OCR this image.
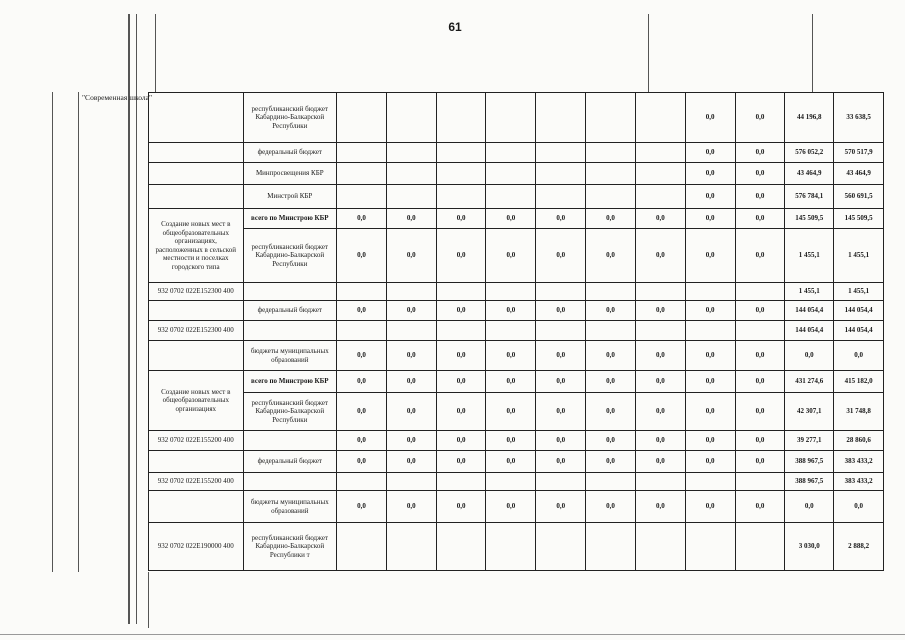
61
"Современная школа"
	республиканский бюджет Кабардино-Балкарской Республики								0,0	0,0	44 196,8	33 638,5
	федеральный бюджет								0,0	0,0	576 052,2	570 517,9
	Минпросвещения КБР								0,0	0,0	43 464,9	43 464,9
	Минстрой КБР								0,0	0,0	576 784,1	560 691,5
Создание новых мест в общеобразовательных организациях, расположенных в сельской местности и поселках городского типа	всего по Минстрою КБР	0,0	0,0	0,0	0,0	0,0	0,0	0,0	0,0	0,0	145 509,5	145 509,5
	республиканский бюджет Кабардино-Балкарской Республики	0,0	0,0	0,0	0,0	0,0	0,0	0,0	0,0	0,0	1 455,1	1 455,1
932 0702 022E152300 400											1 455,1	1 455,1
	федеральный бюджет	0,0	0,0	0,0	0,0	0,0	0,0	0,0	0,0	0,0	144 054,4	144 054,4
932 0702 022E152300 400											144 054,4	144 054,4
	бюджеты муниципальных образований	0,0	0,0	0,0	0,0	0,0	0,0	0,0	0,0	0,0	0,0	0,0
Создание новых мест в общеобразовательных организациях	всего по Минстрою КБР	0,0	0,0	0,0	0,0	0,0	0,0	0,0	0,0	0,0	431 274,6	415 182,0
	республиканский бюджет Кабардино-Балкарской Республики	0,0	0,0	0,0	0,0	0,0	0,0	0,0	0,0	0,0	42 307,1	31 748,8
932 0702 022E155200 400		0,0	0,0	0,0	0,0	0,0	0,0	0,0	0,0	0,0	39 277,1	28 860,6
	федеральный бюджет	0,0	0,0	0,0	0,0	0,0	0,0	0,0	0,0	0,0	388 967,5	383 433,2
932 0702 022E155200 400											388 967,5	383 433,2
	бюджеты муниципальных образований	0,0	0,0	0,0	0,0	0,0	0,0	0,0	0,0	0,0	0,0	0,0
932 0702 022E190000 400	республиканский бюджет Кабардино-Балкарской Республики т										3 030,0	2 888,2
